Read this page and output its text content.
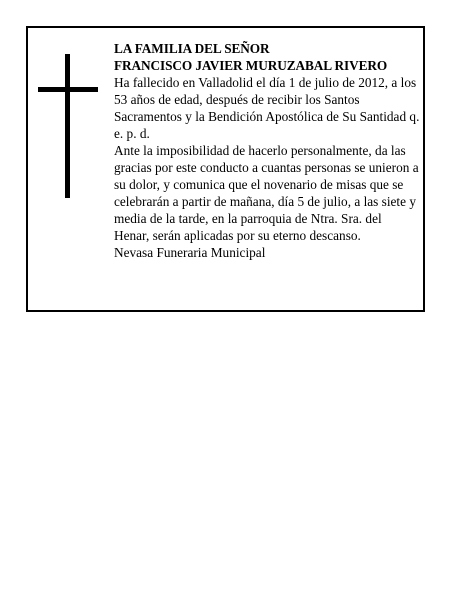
LA FAMILIA DEL SEÑOR
FRANCISCO JAVIER MURUZABAL RIVERO

Ha fallecido en Valladolid el día 1 de julio de 2012, a los 53 años de edad, después de recibir los Santos Sacramentos y la Bendición Apostólica de Su Santidad q. e. p. d.

Ante la imposibilidad de hacerlo personalmente, da las gracias por este conducto a cuantas personas se unieron a su dolor, y comunica que el novenario de misas que se celebrarán a partir de mañana, día 5 de julio, a las siete y media de la tarde, en la parroquia de Ntra. Sra. del Henar, serán aplicadas por su eterno descanso.

Nevasa Funeraria Municipal
